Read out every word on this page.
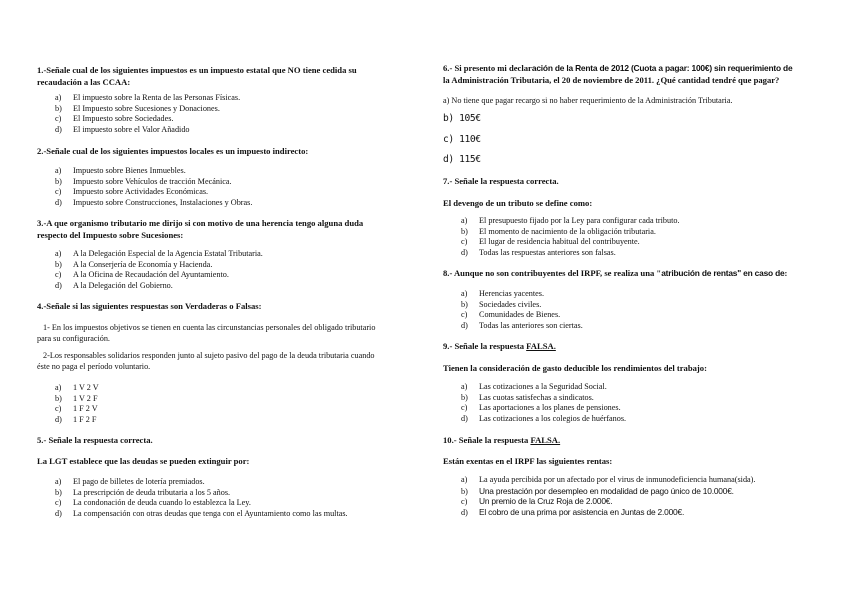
1.-Señale cual de los siguientes impuestos es un impuesto estatal que NO tiene cedida su recaudación a las CCAA:
a) El impuesto sobre la Renta de las Personas Físicas.
b) El Impuesto sobre Sucesiones y Donaciones.
c) El Impuesto sobre Sociedades.
d) El impuesto sobre el Valor Añadido
2.-Señale cual de los siguientes impuestos locales es un impuesto indirecto:
a) Impuesto sobre Bienes Inmuebles.
b) Impuesto sobre Vehículos de tracción Mecánica.
c) Impuesto sobre Actividades Económicas.
d) Impuesto sobre Construcciones, Instalaciones y Obras.
3.-A que organismo tributario me dirijo si con motivo de una herencia tengo alguna duda respecto del Impuesto sobre Sucesiones:
a) A la Delegación Especial de la Agencia Estatal Tributaria.
b) A la Conserjería de Economía y Hacienda.
c) A la Oficina de Recaudación del Ayuntamiento.
d) A la Delegación del Gobierno.
4.-Señale si las siguientes respuestas son Verdaderas o Falsas:
1- En los impuestos objetivos se tienen en cuenta las circunstancias personales del obligado tributario para su configuración.
2-Los responsables solidarios responden junto al sujeto pasivo del pago de la deuda tributaria cuando éste no paga el período voluntario.
a) 1 V 2 V
b) 1 V 2 F
c) 1 F 2 V
d) 1 F 2 F
5.- Señale la respuesta correcta.
La LGT establece que las deudas se pueden extinguir por:
a) El pago de billetes de lotería premiados.
b) La prescripción de deuda tributaria a los 5 años.
c) La condonación de deuda cuando lo establezca la Ley.
d) La compensación con otras deudas que tenga con el Ayuntamiento como las multas.
6.- Si presento mi declaración de la Renta de 2012 (Cuota a pagar: 100€) sin requerimiento de
la Administración Tributaria, el 20 de noviembre de 2011. ¿Qué cantidad tendré que pagar?
a) No tiene que pagar recargo si no haber requerimiento de la Administración Tributaria.
b) 105€
c) 110€
d) 115€
7.- Señale la respuesta correcta.
El devengo de un tributo se define como:
a) El presupuesto fijado por la Ley para configurar cada tributo.
b) El momento de nacimiento de la obligación tributaria.
c) El lugar de residencia habitual del contribuyente.
d) Todas las respuestas anteriores son falsas.
8.- Aunque no son contribuyentes del IRPF, se realiza una "atribución de rentas" en caso de:
a) Herencias yacentes.
b) Sociedades civiles.
c) Comunidades de Bienes.
d) Todas las anteriores son ciertas.
9.- Señale la respuesta FALSA.
Tienen la consideración de gasto deducible los rendimientos del trabajo:
a) Las cotizaciones a la Seguridad Social.
b) Las cuotas satisfechas a sindicatos.
c) Las aportaciones a los planes de pensiones.
d) Las cotizaciones a los colegios de huérfanos.
10.- Señale la respuesta FALSA.
Están exentas en el IRPF las siguientes rentas:
a) La ayuda percibida por un afectado por el virus de inmunodeficiencia humana(sida).
b) Una prestación por desempleo en modalidad de pago único de 10.000€.
c) Un premio de la Cruz Roja de 2.000€.
d) El cobro de una prima por asistencia en Juntas de 2.000€.
